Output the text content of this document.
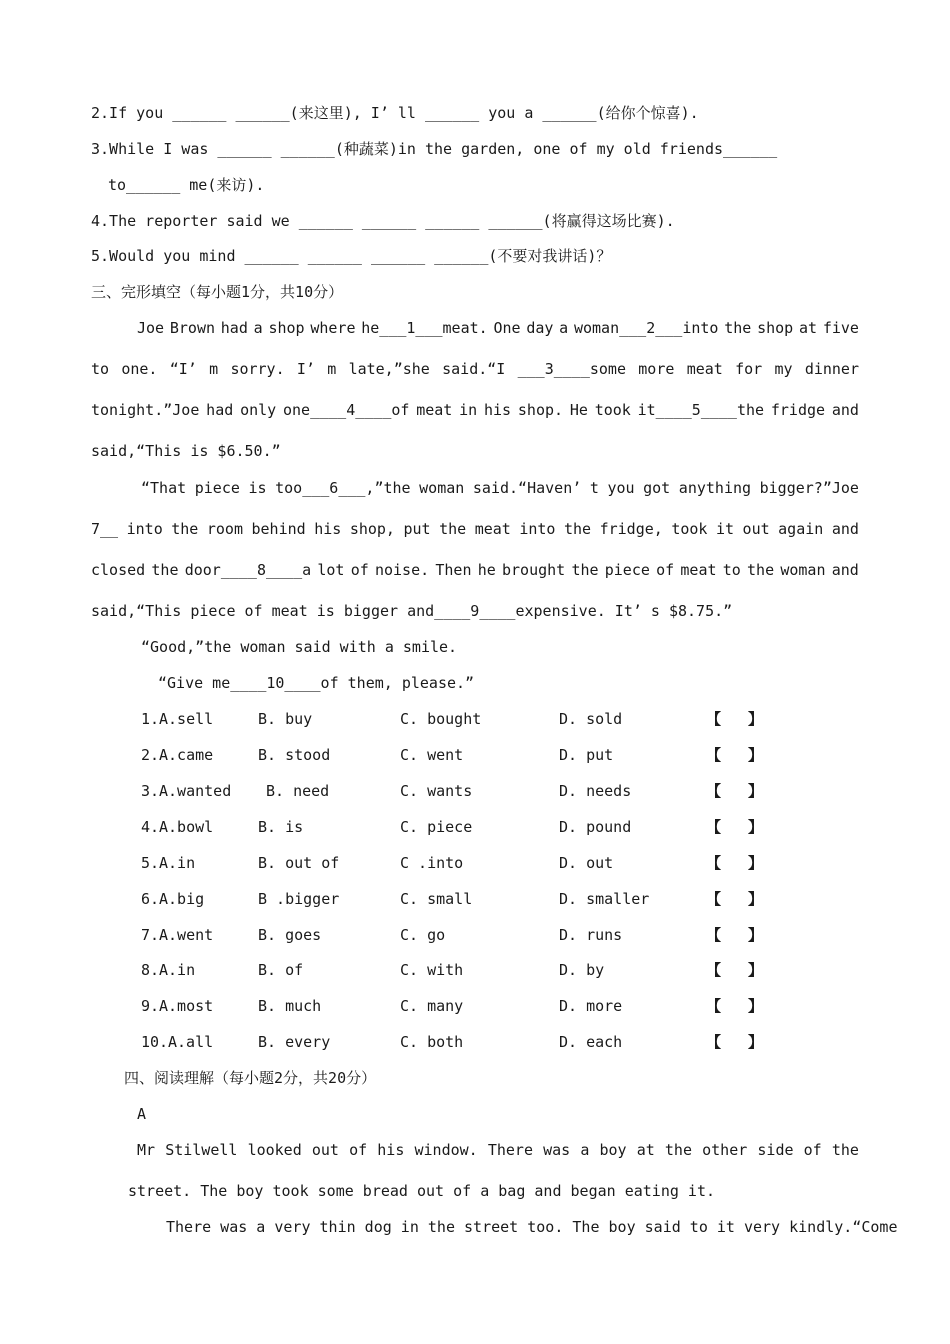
2.If you ______ ______(来这里), I’ ll ______ you a ______(给你个惊喜).
3.While I was ______ ______(种蔬菜)in the garden, one of my old friends______
to______ me(来访).
4.The reporter said we ______ ______ ______ ______(将赢得这场比赛).
5.Would you mind ______ ______ ______ ______(不要对我讲话)？
三、完形填空（每小题1分，共10分）
Joe Brown had a shop where he___1___meat. One day a woman___2___into the shop at five
to one. “I’ m sorry. I’ m late,”she said.“I ___3____some more meat for my dinner
tonight.”Joe had only one____4____of meat in his shop. He took it____5____the fridge and
said,“This is $6.50.”
“That piece is too___6___,”the woman said.“Haven’ t you got anything bigger?”Joe
7__ into the room behind his shop, put the meat into the fridge, took it out again and
closed the door____8____a lot of noise. Then he brought the piece of meat to the woman and
said,“This piece of meat is bigger and____9____expensive. It’ s $8.75.”
“Good,”the woman said with a smile.
“Give me____10____of them, please.”
1. A.sell	B. buy	C. bought	D. sold	【 】
2. A.came	B. stood	C. went	D. put	【 】
3. A.wanted B. need	C. wants	D. needs	【 】
4. A.bowl	B. is	C. piece	D. pound	【 】
5. A.in	B. out of	C .into	D. out	【 】
6. A.big	B .bigger	C. small	D. smaller	【 】
7. A.went	B. goes	C. go	D. runs	【 】
8. A.in	B. of	C. with	D. by	【 】
9. A.most	B. much	C. many	D. more	【 】
10. A.all	B. every	C. both	D. each	【 】
四、阅读理解（每小题2分，共20分）
A
Mr Stilwell looked out of his window. There was a boy at the other side of the
street. The boy took some bread out of a bag and began eating it.
There was a very thin dog in the street too. The boy said to it very kindly.“Come
